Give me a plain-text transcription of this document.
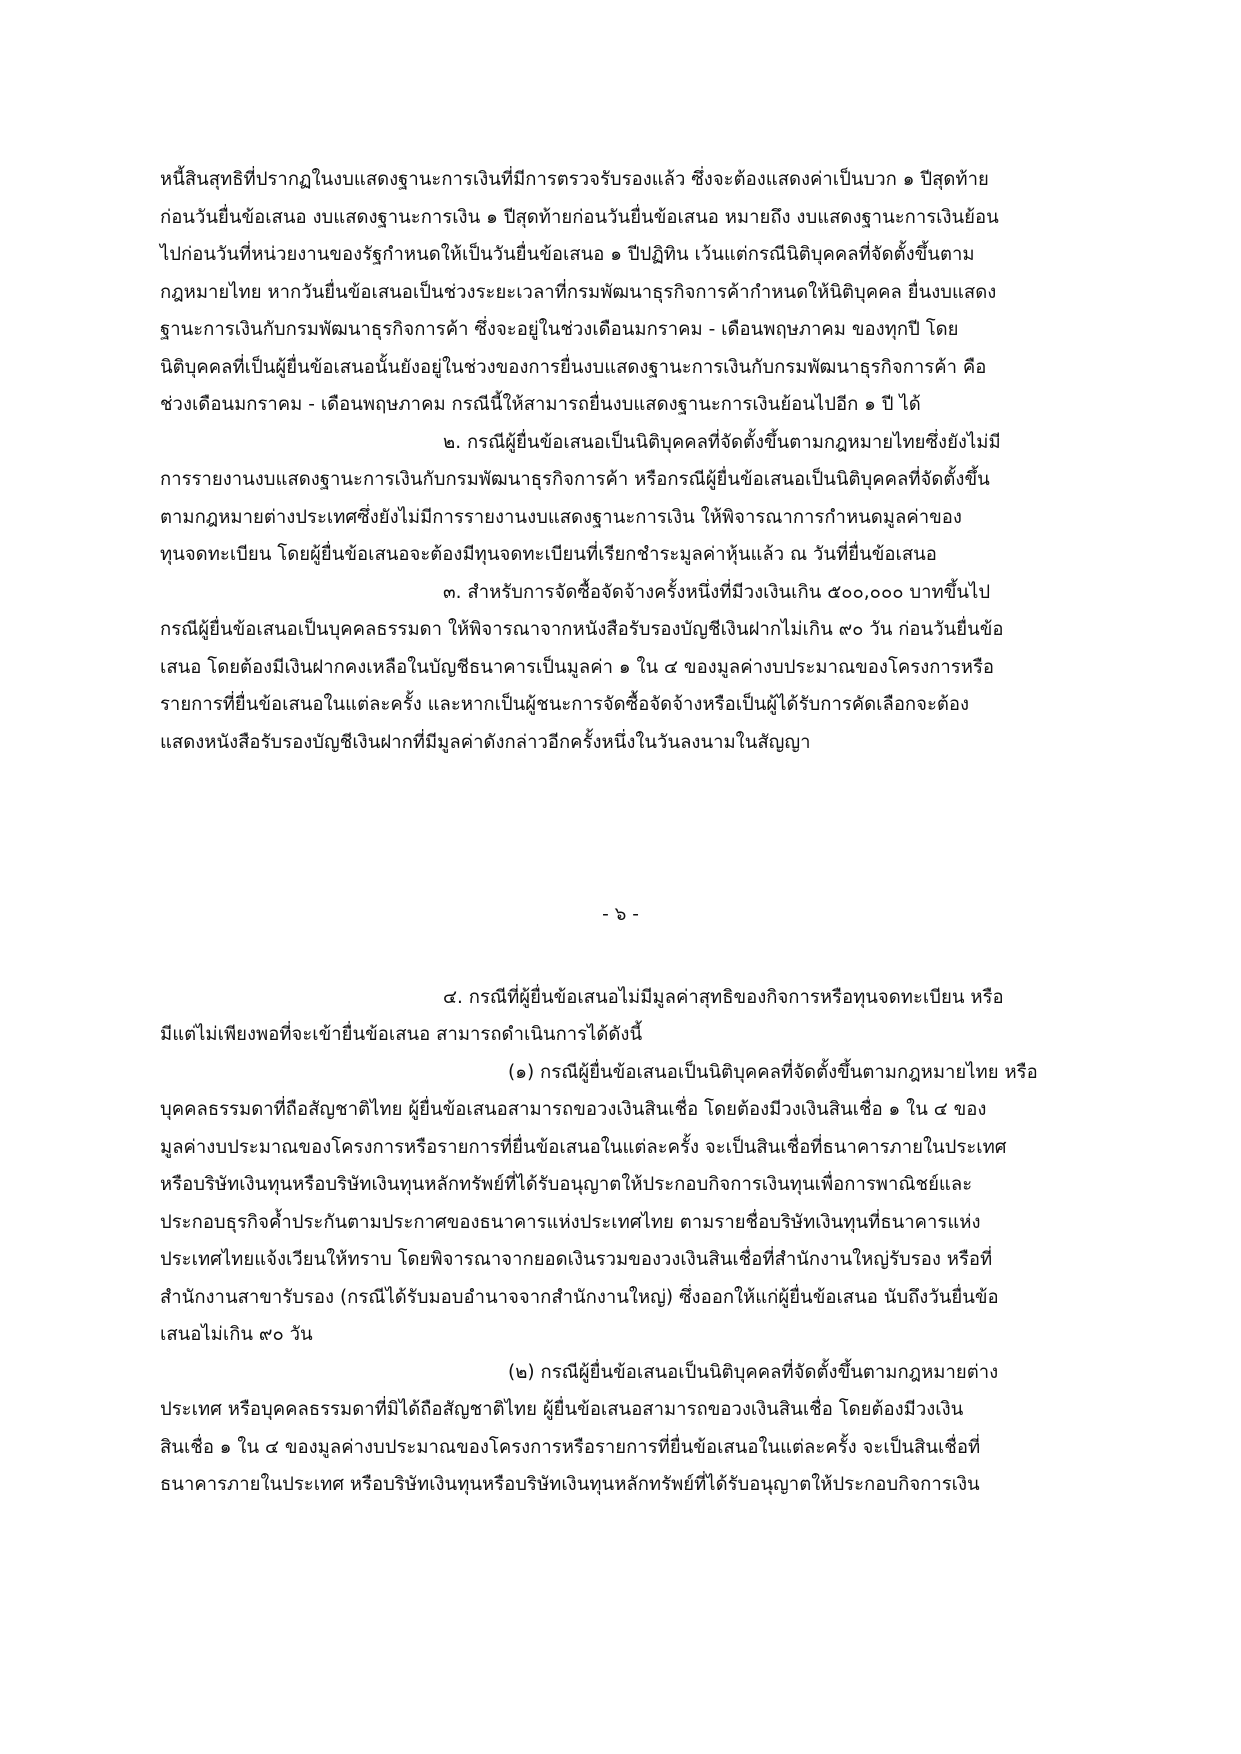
หนี้สินสุทธิที่ปรากฏในงบแสดงฐานะการเงินที่มีการตรวจรับรองแล้ว ซึ่งจะต้องแสดงค่าเป็นบวก ๑ ปีสุดท้าย
ก่อนวันยื่นข้อเสนอ งบแสดงฐานะการเงิน ๑ ปีสุดท้ายก่อนวันยื่นข้อเสนอ หมายถึง งบแสดงฐานะการเงินย้อน
ไปก่อนวันที่หน่วยงานของรัฐกำหนดให้เป็นวันยื่นข้อเสนอ ๑ ปีปฏิทิน เว้นแต่กรณีนิติบุคคลที่จัดตั้งขึ้นตาม
กฎหมายไทย หากวันยื่นข้อเสนอเป็นช่วงระยะเวลาที่กรมพัฒนาธุรกิจการค้ากำหนดให้นิติบุคคล ยื่นงบแสดง
ฐานะการเงินกับกรมพัฒนาธุรกิจการค้า ซึ่งจะอยู่ในช่วงเดือนมกราคม - เดือนพฤษภาคม ของทุกปี โดย
นิติบุคคลที่เป็นผู้ยื่นข้อเสนอนั้นยังอยู่ในช่วงของการยื่นงบแสดงฐานะการเงินกับกรมพัฒนาธุรกิจการค้า คือ
ช่วงเดือนมกราคม - เดือนพฤษภาคม กรณีนี้ให้สามารถยื่นงบแสดงฐานะการเงินย้อนไปอีก ๑ ปี ได้
๒. กรณีผู้ยื่นข้อเสนอเป็นนิติบุคคลที่จัดตั้งขึ้นตามกฎหมายไทยซึ่งยังไม่มี
การรายงานงบแสดงฐานะการเงินกับกรมพัฒนาธุรกิจการค้า หรือกรณีผู้ยื่นข้อเสนอเป็นนิติบุคคลที่จัดตั้งขึ้น
ตามกฎหมายต่างประเทศซึ่งยังไม่มีการรายงานงบแสดงฐานะการเงิน ให้พิจารณาการกำหนดมูลค่าของ
ทุนจดทะเบียน โดยผู้ยื่นข้อเสนอจะต้องมีทุนจดทะเบียนที่เรียกชำระมูลค่าหุ้นแล้ว ณ วันที่ยื่นข้อเสนอ
๓. สำหรับการจัดซื้อจัดจ้างครั้งหนึ่งที่มีวงเงินเกิน ๕๐๐,๐๐๐ บาทขึ้นไป
กรณีผู้ยื่นข้อเสนอเป็นบุคคลธรรมดา ให้พิจารณาจากหนังสือรับรองบัญชีเงินฝากไม่เกิน ๙๐ วัน ก่อนวันยื่นข้อ
เสนอ โดยต้องมีเงินฝากคงเหลือในบัญชีธนาคารเป็นมูลค่า ๑ ใน ๔ ของมูลค่างบประมาณของโครงการหรือ
รายการที่ยื่นข้อเสนอในแต่ละครั้ง และหากเป็นผู้ชนะการจัดซื้อจัดจ้างหรือเป็นผู้ได้รับการคัดเลือกจะต้อง
แสดงหนังสือรับรองบัญชีเงินฝากที่มีมูลค่าดังกล่าวอีกครั้งหนึ่งในวันลงนามในสัญญา
- ๖ -
๔. กรณีที่ผู้ยื่นข้อเสนอไม่มีมูลค่าสุทธิของกิจการหรือทุนจดทะเบียน หรือ
มีแต่ไม่เพียงพอที่จะเข้ายื่นข้อเสนอ สามารถดำเนินการได้ดังนี้
(๑) กรณีผู้ยื่นข้อเสนอเป็นนิติบุคคลที่จัดตั้งขึ้นตามกฎหมายไทย หรือ
บุคคลธรรมดาที่ถือสัญชาติไทย ผู้ยื่นข้อเสนอสามารถขอวงเงินสินเชื่อ โดยต้องมีวงเงินสินเชื่อ ๑ ใน ๔ ของ
มูลค่างบประมาณของโครงการหรือรายการที่ยื่นข้อเสนอในแต่ละครั้ง จะเป็นสินเชื่อที่ธนาคารภายในประเทศ
หรือบริษัทเงินทุนหรือบริษัทเงินทุนหลักทรัพย์ที่ได้รับอนุญาตให้ประกอบกิจการเงินทุนเพื่อการพาณิชย์และ
ประกอบธุรกิจค้ำประกันตามประกาศของธนาคารแห่งประเทศไทย ตามรายชื่อบริษัทเงินทุนที่ธนาคารแห่ง
ประเทศไทยแจ้งเวียนให้ทราบ โดยพิจารณาจากยอดเงินรวมของวงเงินสินเชื่อที่สำนักงานใหญ่รับรอง หรือที่
สำนักงานสาขารับรอง (กรณีได้รับมอบอำนาจจากสำนักงานใหญ่) ซึ่งออกให้แก่ผู้ยื่นข้อเสนอ นับถึงวันยื่นข้อ
เสนอไม่เกิน ๙๐ วัน
(๒) กรณีผู้ยื่นข้อเสนอเป็นนิติบุคคลที่จัดตั้งขึ้นตามกฎหมายต่าง
ประเทศ หรือบุคคลธรรมดาที่มิได้ถือสัญชาติไทย ผู้ยื่นข้อเสนอสามารถขอวงเงินสินเชื่อ โดยต้องมีวงเงิน
สินเชื่อ ๑ ใน ๔ ของมูลค่างบประมาณของโครงการหรือรายการที่ยื่นข้อเสนอในแต่ละครั้ง จะเป็นสินเชื่อที่
ธนาคารภายในประเทศ หรือบริษัทเงินทุนหรือบริษัทเงินทุนหลักทรัพย์ที่ได้รับอนุญาตให้ประกอบกิจการเงิน
